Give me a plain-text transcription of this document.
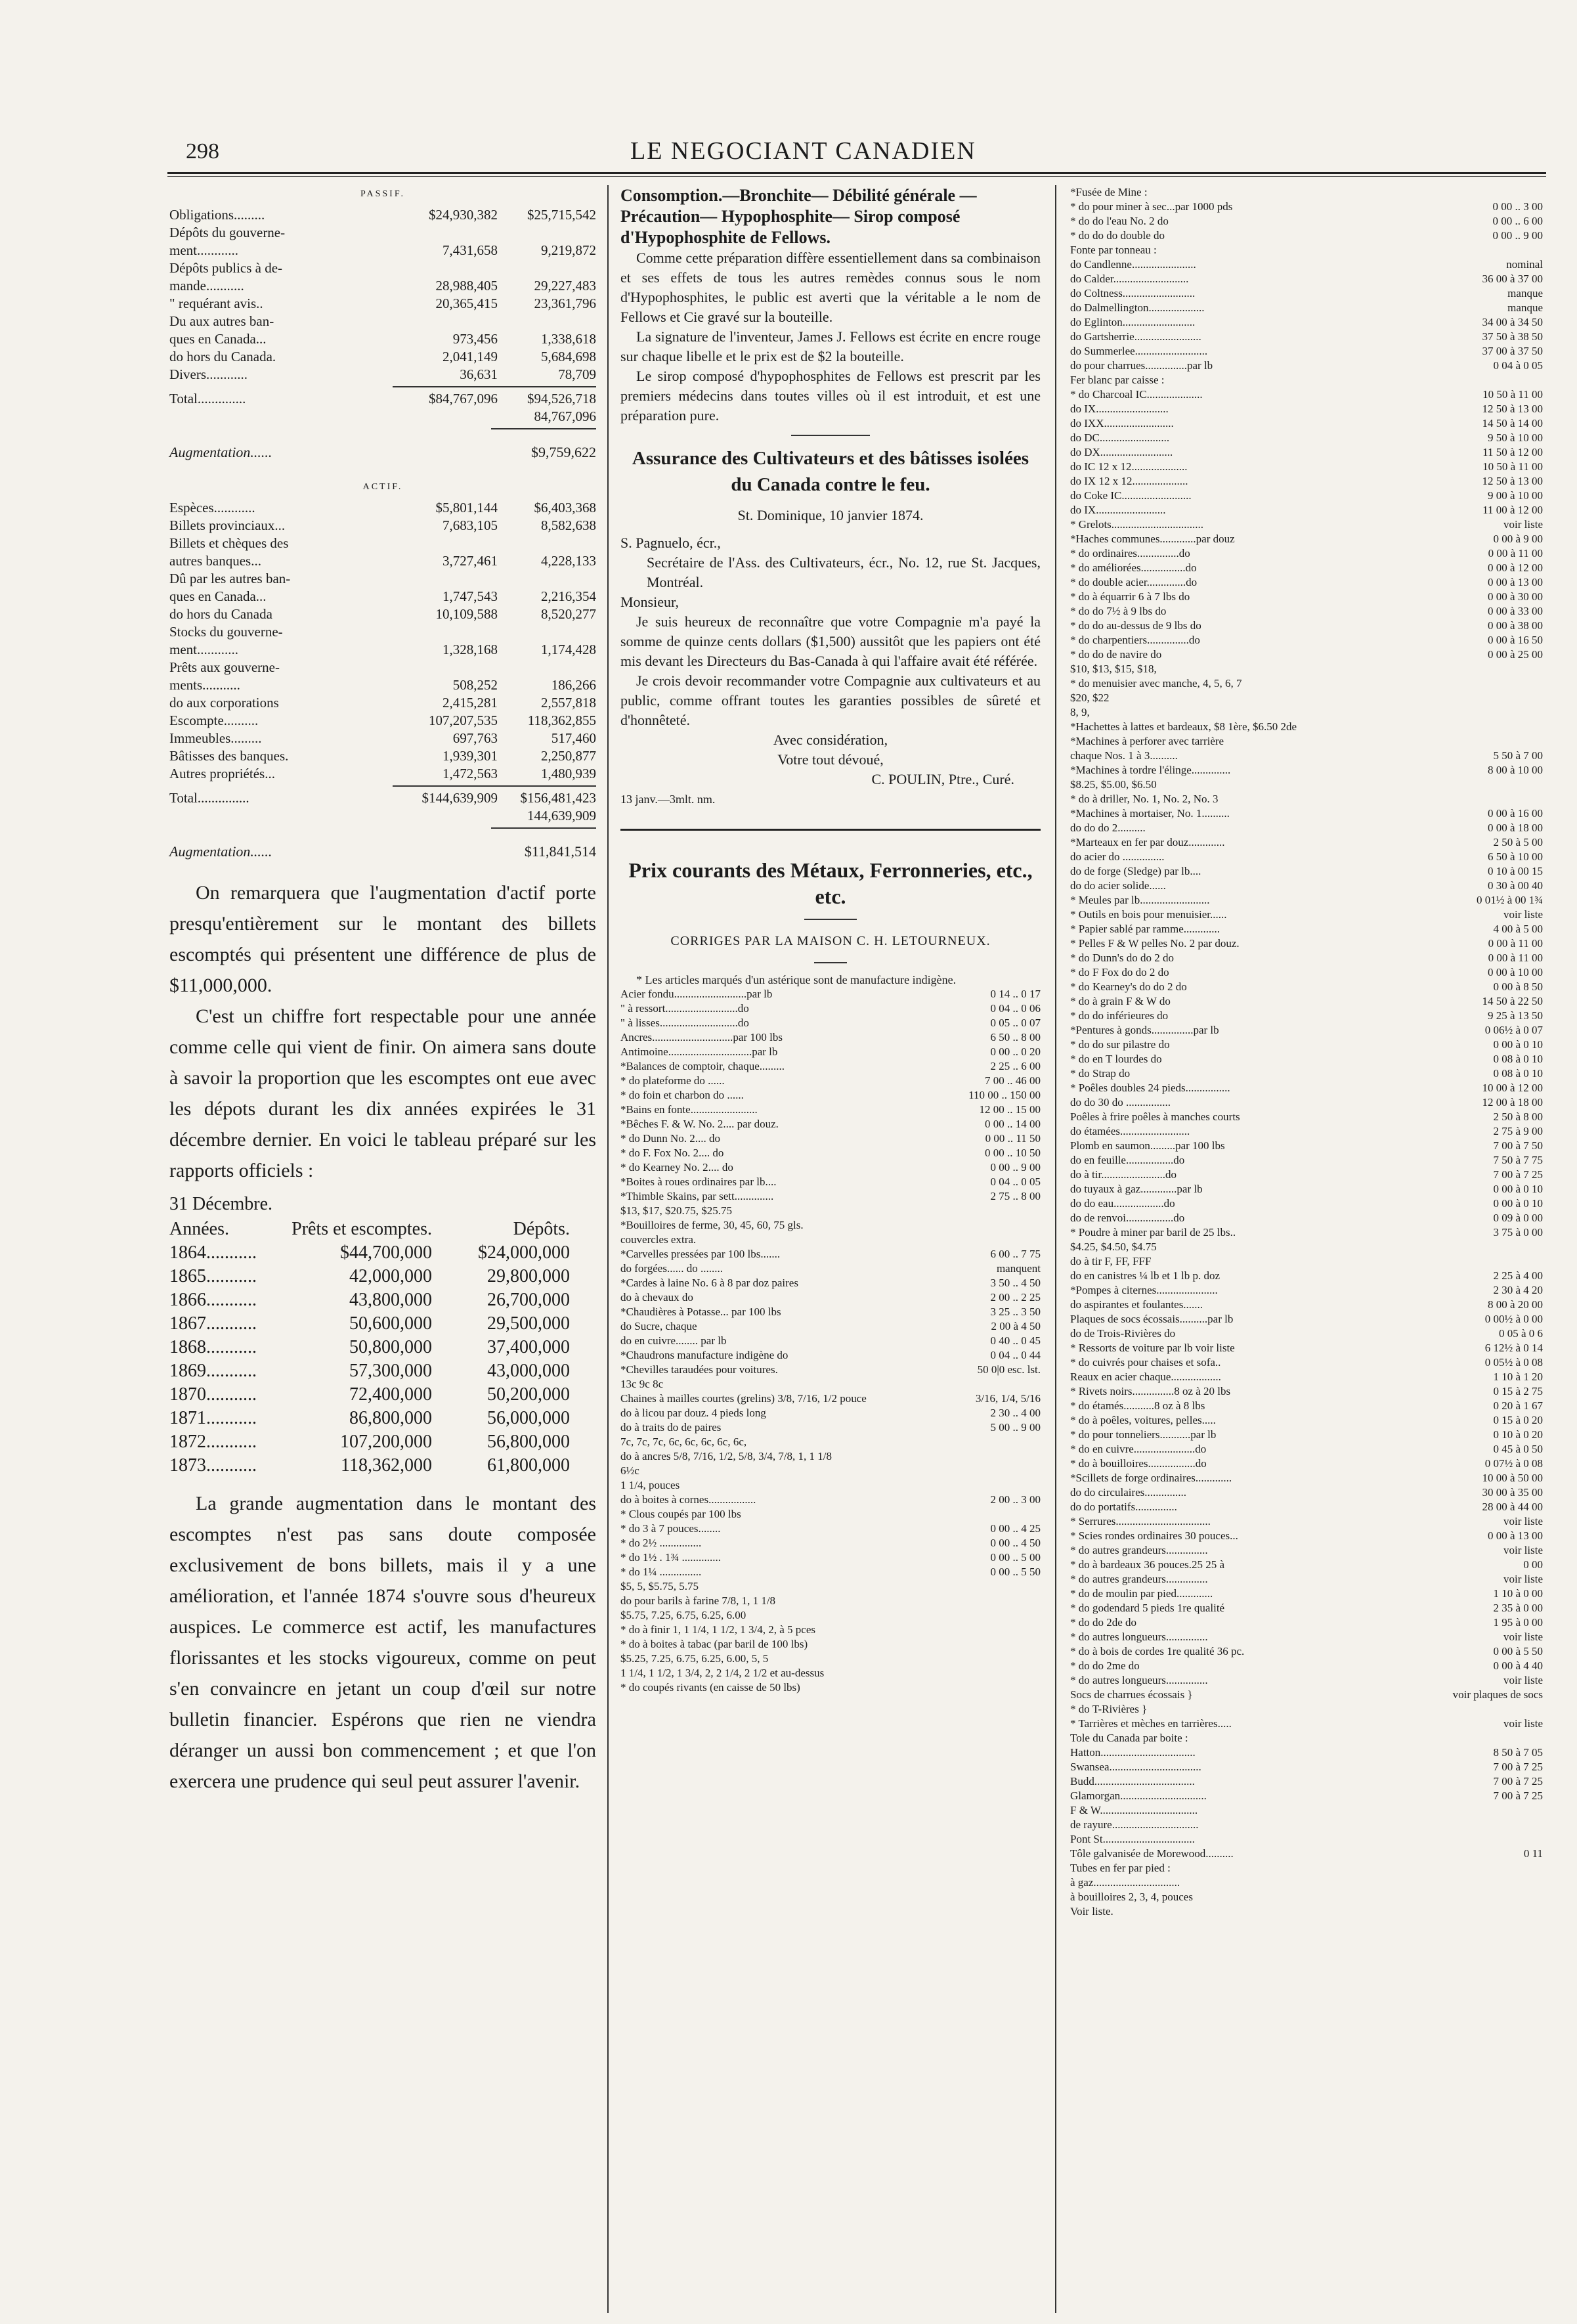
298	LE NEGOCIANT CANADIEN
PASSIF.
Obligations.........	$24,930,382	$25,715,542
Dépôts du gouverne-
ment............	7,431,658	9,219,872
Dépôts publics à de-
mande...........	28,988,405	29,227,483
" requérant avis..	20,365,415	23,361,796
Du aux autres ban-
ques en Canada...	973,456	1,338,618
do hors du Canada.	2,041,149	5,684,698
Divers............	36,631	78,709
Total..............	$84,767,096	$94,526,718
84,767,096
Augmentation......	$9,759,622
ACTIF.
Espèces............	$5,801,144	$6,403,368
Billets provinciaux...	7,683,105	8,582,638
Billets et chèques des
autres banques...	3,727,461	4,228,133
Dû par les autres ban-
ques en Canada...	1,747,543	2,216,354
do hors du Canada	10,109,588	8,520,277
Stocks du gouverne-
ment............	1,328,168	1,174,428
Prêts aux gouverne-
ments...........	508,252	186,266
do aux corporations	2,415,281	2,557,818
Escompte..........	107,207,535	118,362,855
Immeubles.........	697,763	517,460
Bâtisses des banques.	1,939,301	2,250,877
Autres propriétés...	1,472,563	1,480,939
Total...............	$144,639,909	$156,481,423
144,639,909
Augmentation......	$11,841,514

On remarquera que l'augmentation d'actif porte presqu'entièrement sur le montant des billets escomptés qui présentent une différence de plus de $11,000,000.

C'est un chiffre fort respectable pour une année comme celle qui vient de finir. On aimera sans doute à savoir la proportion que les escomptes ont eue avec les dépots durant les dix années expirées le 31 décembre dernier. En voici le tableau préparé sur les rapports officiels :

31 Décembre.
Années.	Prêts et escomptes.	Dépôts.
1864...........	$44,700,000	$24,000,000
1865...........	42,000,000	29,800,000
1866...........	43,800,000	26,700,000
1867...........	50,600,000	29,500,000
1868...........	50,800,000	37,400,000
1869...........	57,300,000	43,000,000
1870...........	72,400,000	50,200,000
1871...........	86,800,000	56,000,000
1872...........	107,200,000	56,800,000
1873...........	118,362,000	61,800,000

La grande augmentation dans le montant des escomptes n'est pas sans doute composée exclusivement de bons billets, mais il y a une amélioration, et l'année 1874 s'ouvre sous d'heureux auspices. Le commerce est actif, les manufactures florissantes et les stocks vigoureux, comme on peut s'en convaincre en jetant un coup d'œil sur notre bulletin financier. Espérons que rien ne viendra déranger un aussi bon commencement ; et que l'on exercera une prudence qui seul peut assurer l'avenir.

Consomption.—Bronchite— Débilité générale — Précaution— Hypophosphite— Sirop composé d'Hypophosphite de Fellows.

Comme cette préparation diffère essentiellement dans sa combinaison et ses effets de tous les autres remèdes connus sous le nom d'Hypophosphites, le public est averti que la véritable a le nom de Fellows et Cie gravé sur la bouteille.

La signature de l'inventeur, James J. Fellows est écrite en encre rouge sur chaque libelle et le prix est de $2 la bouteille.

Le sirop composé d'hypophosphites de Fellows est prescrit par les premiers médecins dans toutes villes où il est introduit, et est une préparation pure.

Assurance des Cultivateurs et des bâtisses isolées du Canada contre le feu.

St. Dominique, 10 janvier 1874.

S. Pagnuelo, écr.,

Secrétaire de l'Ass. des Cultivateurs, écr., No. 12, rue St. Jacques, Montréal.

Monsieur,

Je suis heureux de reconnaître que votre Compagnie m'a payé la somme de quinze cents dollars ($1,500) aussitôt que les papiers ont été mis devant les Directeurs du Bas-Canada à qui l'affaire avait été référée.

Je crois devoir recommander votre Compagnie aux cultivateurs et au public, comme offrant toutes les garanties possibles de sûreté et d'honnêteté.

Avec considération,

Votre tout dévoué,

C. POULIN, Ptre., Curé.

13 janv.—3mlt. nm.

Prix courants des Métaux, Ferronneries, etc., etc.
CORRIGES PAR LA MAISON C. H. LETOURNEUX.

* Les articles marqués d'un astérique sont de manufacture indigène.

Acier fondu..........................par lb	0 14 .. 0 17
" à ressort..........................do	0 04 .. 0 06
" à lisses............................do	0 05 .. 0 07
Ancres.............................par 100 lbs	6 50 .. 8 00
Antimoine..............................par lb	0 00 .. 0 20
*Balances de comptoir, chaque.........	2 25 .. 6 00
* do plateforme do ......	7 00 .. 46 00
* do foin et charbon do ......	110 00 .. 150 00
*Bains en fonte........................	12 00 .. 15 00
*Bêches F. & W. No. 2.... par douz.	0 00 .. 14 00
* do Dunn No. 2.... do	0 00 .. 11 50
* do F. Fox No. 2.... do	0 00 .. 10 50
* do Kearney No. 2.... do	0 00 .. 9 00
*Boites à roues ordinaires par lb....	0 04 .. 0 05
*Thimble Skains, par sett..............	2 75 .. 8 00
$13, $17, $20.75, $25.75
*Bouilloires de ferme, 30, 45, 60, 75 gls.
couvercles extra.
*Carvelles pressées par 100 lbs.......	6 00 .. 7 75
do forgées...... do ........	manquent
*Cardes à laine No. 6 à 8 par doz paires	3 50 .. 4 50
do à chevaux do	2 00 .. 2 25
*Chaudières à Potasse... par 100 lbs	3 25 .. 3 50
do Sucre, chaque	2 00 à 4 50
do en cuivre........ par lb	0 40 .. 0 45
*Chaudrons manufacture indigène do	0 04 .. 0 44
*Chevilles taraudées pour voitures.	50 0|0 esc. lst.
13c 9c 8c
Chaines à mailles courtes (grelins) 3/8, 7/16, 1/2 pouce	3/16, 1/4, 5/16
do à licou par douz. 4 pieds long	2 30 .. 4 00
do à traits do de paires	5 00 .. 9 00
7c, 7c, 7c, 6c, 6c, 6c, 6c, 6c,
do à ancres 5/8, 7/16, 1/2, 5/8, 3/4, 7/8, 1, 1 1/8
6½c
1 1/4, pouces
do à boites à cornes.................	2 00 .. 3 00
* Clous coupés par 100 lbs
* do 3 à 7 pouces........	0 00 .. 4 25
* do 2½ ...............	0 00 .. 4 50
* do 1½ . 1¾ ..............	0 00 .. 5 00
* do 1¼ ...............	0 00 .. 5 50
$5, 5, $5.75, 5.75
do pour barils à farine 7/8, 1, 1 1/8
$5.75, 7.25, 6.75, 6.25, 6.00
* do à finir 1, 1 1/4, 1 1/2, 1 3/4, 2, à 5 pces
* do à boites à tabac (par baril de 100 lbs)
$5.25, 7.25, 6.75, 6.25, 6.00, 5, 5
1 1/4, 1 1/2, 1 3/4, 2, 2 1/4, 2 1/2 et au-dessus
* do coupés rivants (en caisse de 50 lbs)
*Fusée de Mine :
* do pour miner à sec...par 1000 pds	0 00 .. 3 00
* do do l'eau No. 2 do	0 00 .. 6 00
* do do do double do	0 00 .. 9 00
Fonte par tonneau :
do Candlenne.......................	nominal
do Calder...........................	36 00 à 37 00
do Coltness..........................	manque
do Dalmellington....................	manque
do Eglinton..........................	34 00 à 34 50
do Gartsherrie........................	37 50 à 38 50
do Summerlee..........................	37 00 à 37 50
do pour charrues...............par lb	0 04 à 0 05
Fer blanc par caisse :
* do Charcoal IC....................	10 50 à 11 00
do IX..........................	12 50 à 13 00
do IXX.........................	14 50 à 14 00
do DC.........................	9 50 à 10 00
do DX..........................	11 50 à 12 00
do IC 12 x 12....................	10 50 à 11 00
do IX 12 x 12....................	12 50 à 13 00
do Coke IC.........................	9 00 à 10 00
do IX.........................	11 00 à 12 00
* Grelots.................................	voir liste
*Haches communes.............par douz	0 00 à 9 00
* do ordinaires...............do	0 00 à 11 00
* do améliorées................do	0 00 à 12 00
* do double acier..............do	0 00 à 13 00
* do à équarrir 6 à 7 lbs do	0 00 à 30 00
* do do 7½ à 9 lbs do	0 00 à 33 00
* do do au-dessus de 9 lbs do	0 00 à 38 00
* do charpentiers...............do	0 00 à 16 50
* do do de navire do	0 00 à 25 00
$10, $13, $15, $18,
* do menuisier avec manche, 4, 5, 6, 7
$20, $22
8, 9,
*Hachettes à lattes et bardeaux, $8 1ère, $6.50 2de
*Machines à perforer avec tarrière
chaque Nos. 1 à 3..........	5 50 à 7 00
*Machines à tordre l'élinge..............	8 00 à 10 00
$8.25, $5.00, $6.50
* do à driller, No. 1, No. 2, No. 3
*Machines à mortaiser, No. 1..........	0 00 à 16 00
do do do 2..........	0 00 à 18 00
*Marteaux en fer par douz.............	2 50 à 5 00
do acier do ...............	6 50 à 10 00
do de forge (Sledge) par lb....	0 10 à 00 15
do do acier solide......	0 30 à 00 40
* Meules par lb.........................	0 01½ à 00 1¾
* Outils en bois pour menuisier......	voir liste
* Papier sablé par ramme.............	4 00 à 5 00
* Pelles F & W pelles No. 2 par douz.	0 00 à 11 00
* do Dunn's do do 2 do	0 00 à 11 00
* do F Fox do do 2 do	0 00 à 10 00
* do Kearney's do do 2 do	0 00 à 8 50
* do à grain F & W do	14 50 à 22 50
* do do inférieures do	9 25 à 13 50
*Pentures à gonds...............par lb	0 06½ à 0 07
* do do sur pilastre do	0 00 à 0 10
* do en T lourdes do	0 08 à 0 10
* do Strap do	0 08 à 0 10
* Poêles doubles 24 pieds................	10 00 à 12 00
do do 30 do ................	12 00 à 18 00
Poêles à frire poêles à manches courts	2 50 à 8 00
do étamées.........................	2 75 à 9 00
Plomb en saumon.........par 100 lbs	7 00 à 7 50
do en feuille.................do	7 50 à 7 75
do à tir.......................do	7 00 à 7 25
do tuyaux à gaz.............par lb	0 00 à 0 10
do do eau..................do	0 00 à 0 10
do de renvoi.................do	0 09 à 0 00
* Poudre à miner par baril de 25 lbs..	3 75 à 0 00
$4.25, $4.50, $4.75
do à tir F, FF, FFF
do en canistres ¼ lb et 1 lb p. doz	2 25 à 4 00
*Pompes à citernes......................	2 30 à 4 20
do aspirantes et foulantes.......	8 00 à 20 00
Plaques de socs écossais..........par lb	0 00½ à 0 00
do de Trois-Rivières do	0 05 à 0 6
* Ressorts de voiture par lb voir liste	6 12½ à 0 14
* do cuivrés pour chaises et sofa..	0 05½ à 0 08
Reaux en acier chaque..................	1 10 à 1 20
* Rivets noirs...............8 oz à 20 lbs	0 15 à 2 75
* do étamés...........8 oz à 8 lbs	0 20 à 1 67
* do à poêles, voitures, pelles.....	0 15 à 0 20
* do pour tonneliers...........par lb	0 10 à 0 20
* do en cuivre......................do	0 45 à 0 50
* do à bouilloires.................do	0 07½ à 0 08
*Scillets de forge ordinaires.............	10 00 à 50 00
do do circulaires...............	30 00 à 35 00
do do portatifs...............	28 00 à 44 00
* Serrures..................................	voir liste
* Scies rondes ordinaires 30 pouces...	0 00 à 13 00
* do autres grandeurs...............	voir liste
* do à bardeaux 36 pouces.25 25 à	0 00
* do autres grandeurs...............	voir liste
* do de moulin par pied.............	1 10 à 0 00
* do godendard 5 pieds 1re qualité	2 35 à 0 00
* do do 2de do	1 95 à 0 00
* do autres longueurs...............	voir liste
* do à bois de cordes 1re qualité 36 pc.	0 00 à 5 50
* do do 2me do	0 00 à 4 40
* do autres longueurs...............	voir liste
Socs de charrues écossais }	voir plaques de socs
* do T-Rivières }
* Tarrières et mèches en tarrières.....	voir liste
Tole du Canada par boite :
Hatton..................................	8 50 à 7 05
Swansea.................................	7 00 à 7 25
Budd....................................	7 00 à 7 25
Glamorgan...............................	7 00 à 7 25
F & W...................................
de rayure...............................
Pont St.................................
Tôle galvanisée de Morewood..........	0 11
Tubes en fer par pied :
à gaz...............................
à bouilloires 2, 3, 4, pouces
Voir liste.
